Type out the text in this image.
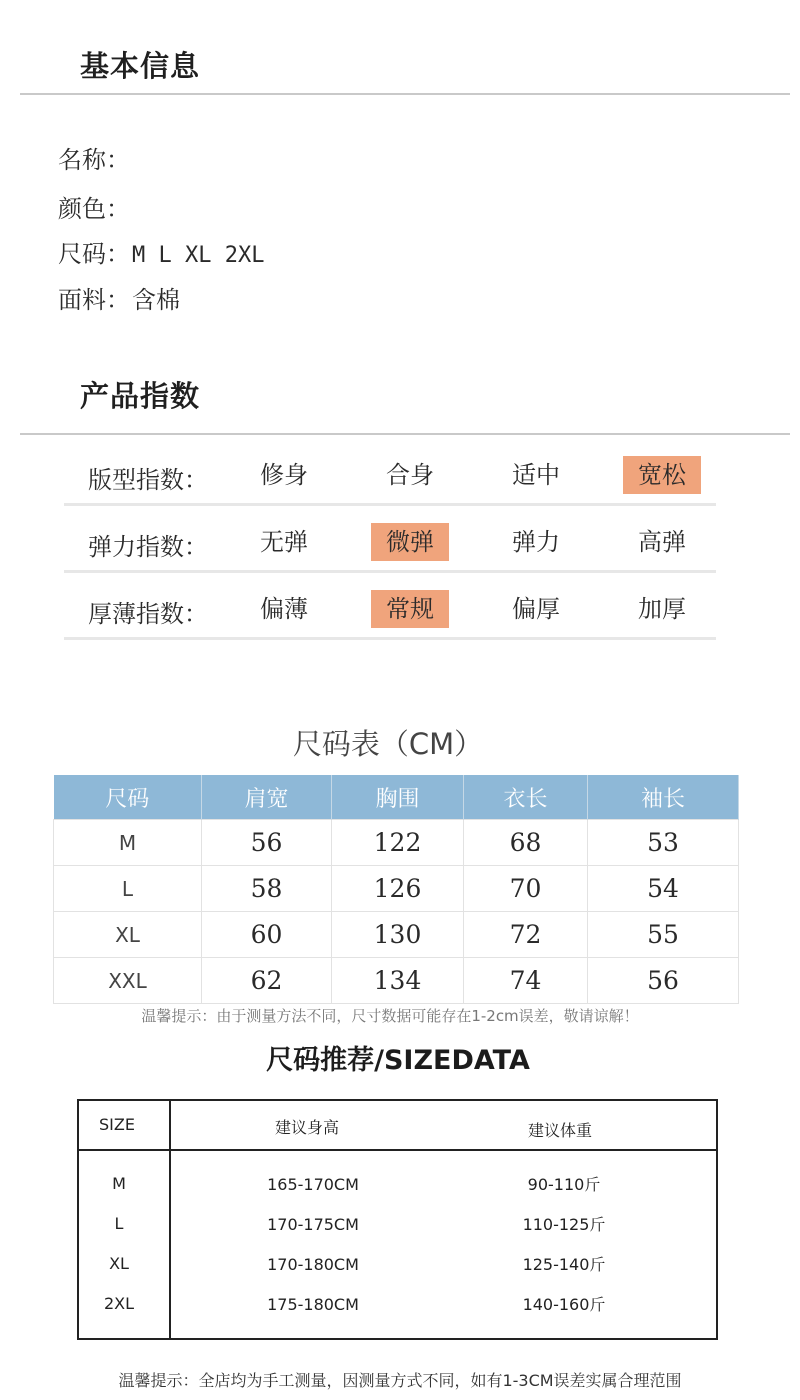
基本信息
名称：
颜色：
尺码：M L XL 2XL
面料：含棉
产品指数
版型指数：	修身	合身	适中	宽松
弹力指数：	无弹	微弹	弹力	高弹
厚薄指数：	偏薄	常规	偏厚	加厚
尺码表（CM）
尺码	肩宽	胸围	衣长	袖长
M	56	122	68	53
L	58	126	70	54
XL	60	130	72	55
XXL	62	134	74	56
温馨提示：由于测量方法不同，尺寸数据可能存在1-2cm误差，敬请谅解！
尺码推荐/SIZEDATA
SIZE	建议身高	建议体重
M	165-170CM	90-110斤
L	170-175CM	110-125斤
XL	170-180CM	125-140斤
2XL	175-180CM	140-160斤
温馨提示：全店均为手工测量，因测量方式不同，如有1-3CM误差实属合理范围
